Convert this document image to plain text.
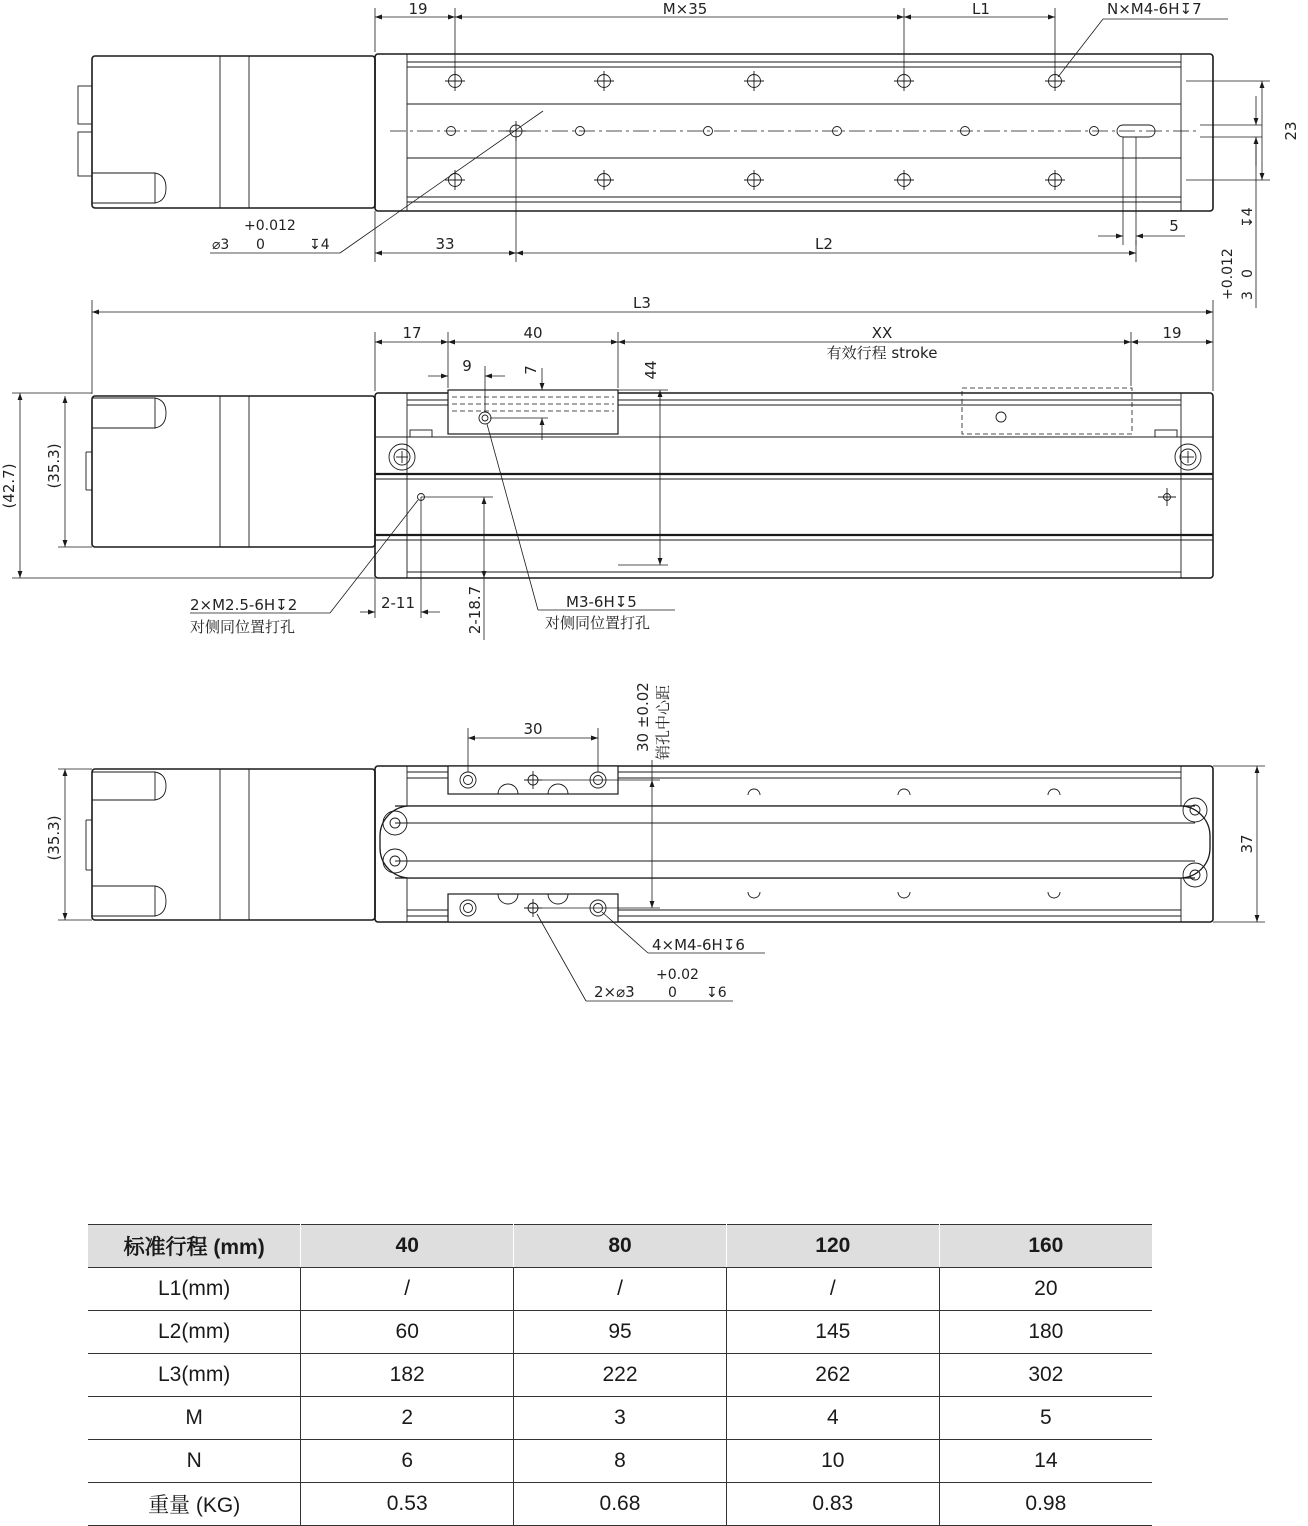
19	M×35	L1	N×M4-6H↧7
23
+0.012 0
3
↧4
5
33	L2
+0.012
⌀3 0	↧4
L3
17	40	XX
有效行程 stroke
19
9	7	44
(42.7) (35.3)
2-11	2-18.7
2×M2.5-6H↧2
对侧同位置打孔
M3-6H↧5
对侧同位置打孔
30	30 ±0.02 销孔中心距
(35.3)	37
4×M4-6H↧6
+0.02
2×⌀3 0 ↧6
标准行程 (mm)	40	80	120	160
L1(mm)	/	/	/	20
L2(mm)	60	95	145	180
L3(mm)	182	222	262	302
M	2	3	4	5
N	6	8	10	14
重量 (KG)	0.53	0.68	0.83	0.98
